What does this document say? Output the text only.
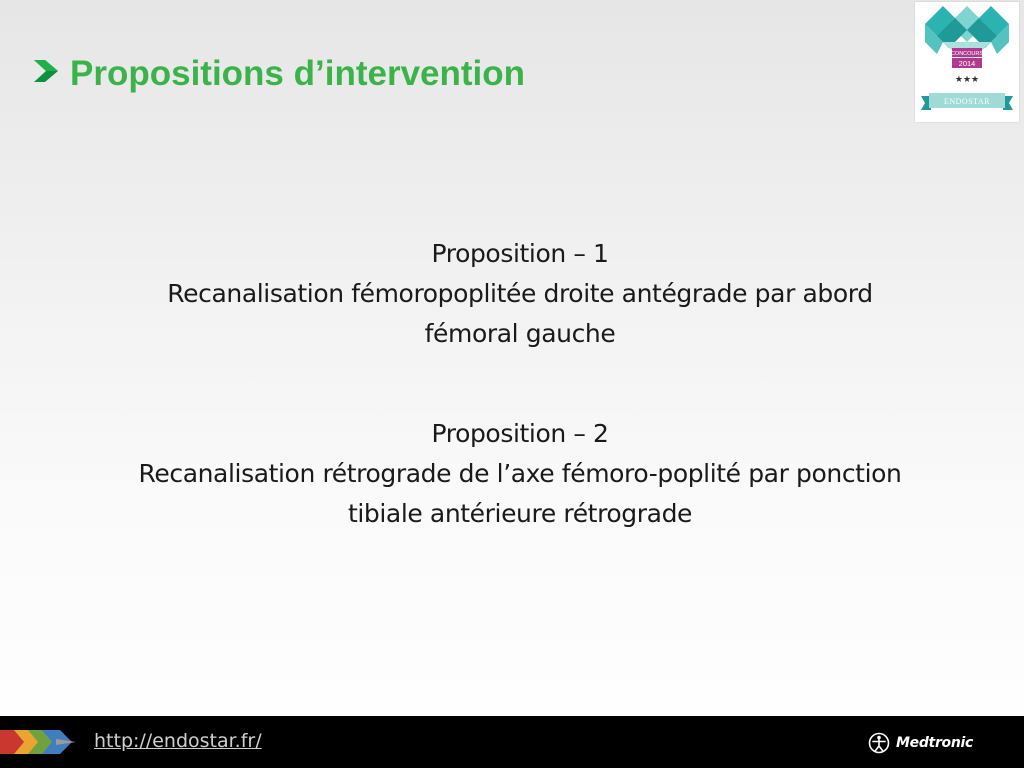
Propositions d’intervention	CONCOURS
2014
★★★
ENDOSTAR

Proposition – 1

Recanalisation fémoropoplitée droite antégrade par abord

fémoral gauche

Proposition – 2

Recanalisation rétrograde de l’axe fémoro-poplité par ponction

tibiale antérieure rétrograde

http://endostar.fr/	Medtronic
